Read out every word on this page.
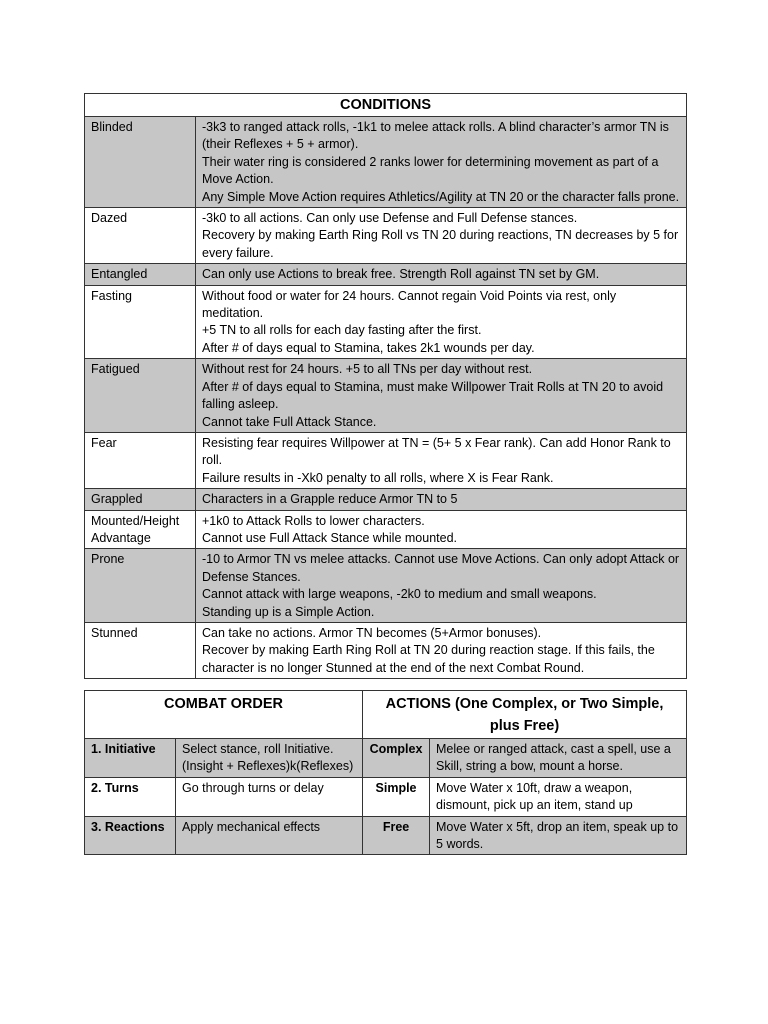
CONDITIONS	
Blinded	-3k3 to ranged attack rolls, -1k1 to melee attack rolls. A blind character’s armor TN is (their Reflexes + 5 + armor).
Their water ring is considered 2 ranks lower for determining movement as part of a Move Action.
Any Simple Move Action requires Athletics/Agility at TN 20 or the character falls prone.

Dazed	-3k0 to all actions. Can only use Defense and Full Defense stances.
Recovery by making Earth Ring Roll vs TN 20 during reactions, TN decreases by 5 for every failure.

Entangled	Can only use Actions to break free. Strength Roll against TN set by GM.

Fasting	Without food or water for 24 hours. Cannot regain Void Points via rest, only meditation.
+5 TN to all rolls for each day fasting after the first.
After # of days equal to Stamina, takes 2k1 wounds per day.

Fatigued	Without rest for 24 hours. +5 to all TNs per day without rest.
After # of days equal to Stamina, must make Willpower Trait Rolls at TN 20 to avoid falling asleep.
Cannot take Full Attack Stance.

Fear	Resisting fear requires Willpower at TN = (5+ 5 x Fear rank). Can add Honor Rank to roll.
Failure results in -Xk0 penalty to all rolls, where X is Fear Rank.

Grappled	Characters in a Grapple reduce Armor TN to 5

Mounted/Height Advantage	+1k0 to Attack Rolls to lower characters.
Cannot use Full Attack Stance while mounted.

Prone	-10 to Armor TN vs melee attacks. Cannot use Move Actions. Can only adopt Attack or Defense Stances.
Cannot attack with large weapons, -2k0 to medium and small weapons.
Standing up is a Simple Action.

Stunned	Can take no actions. Armor TN becomes (5+Armor bonuses).
Recover by making Earth Ring Roll at TN 20 during reaction stage. If this fails, the character is no longer Stunned at the end of the next Combat Round.
COMBAT ORDER		ACTIONS (One Complex, or Two Simple, plus Free)	
1. Initiative	Select stance, roll Initiative. (Insight + Reflexes)k(Reflexes)	Complex	Melee or ranged attack, cast a spell, use a Skill, string a bow, mount a horse.
2. Turns	Go through turns or delay	Simple	Move Water x 10ft, draw a weapon, dismount, pick up an item, stand up
3. Reactions	Apply mechanical effects	Free	Move Water x 5ft, drop an item, speak up to 5 words.
